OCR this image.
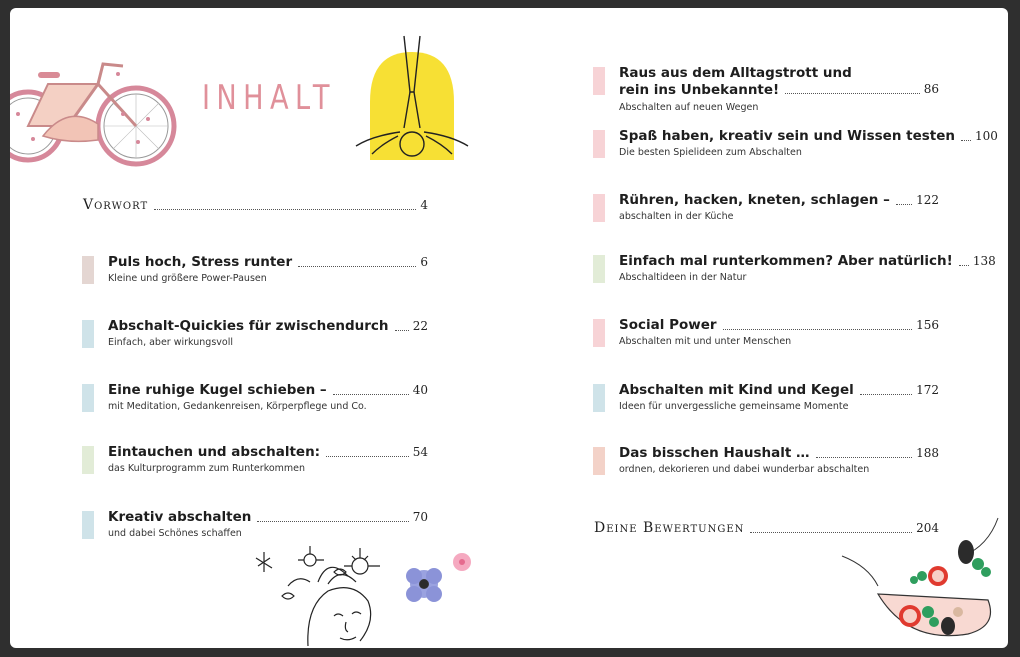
INHALT
Vorwort	4
Puls hoch, Stress runter	6
Kleine und größere Power-Pausen
Abschalt-Quickies für zwischendurch 22
Einfach, aber wirkungsvoll
Eine ruhige Kugel schieben –	40
mit Meditation, Gedankenreisen, Körperpflege und Co.
Eintauchen und abschalten:	54
das Kulturprogramm zum Runterkommen
Kreativ abschalten	70
und dabei Schönes schaffen
Raus aus dem Alltagstrott und
rein ins Unbekannte!	86
Abschalten auf neuen Wegen
Spaß haben, kreativ sein und Wissen testen 100
Die besten Spielideen zum Abschalten
Rühren, hacken, kneten, schlagen – 122
abschalten in der Küche
Einfach mal runterkommen? Aber natürlich! 138
Abschaltideen in der Natur
Social Power	156
Abschalten mit und unter Menschen
Abschalten mit Kind und Kegel	172
Ideen für unvergessliche gemeinsame Momente
Das bisschen Haushalt …	188
ordnen, dekorieren und dabei wunderbar abschalten
Deine Bewertungen	204
